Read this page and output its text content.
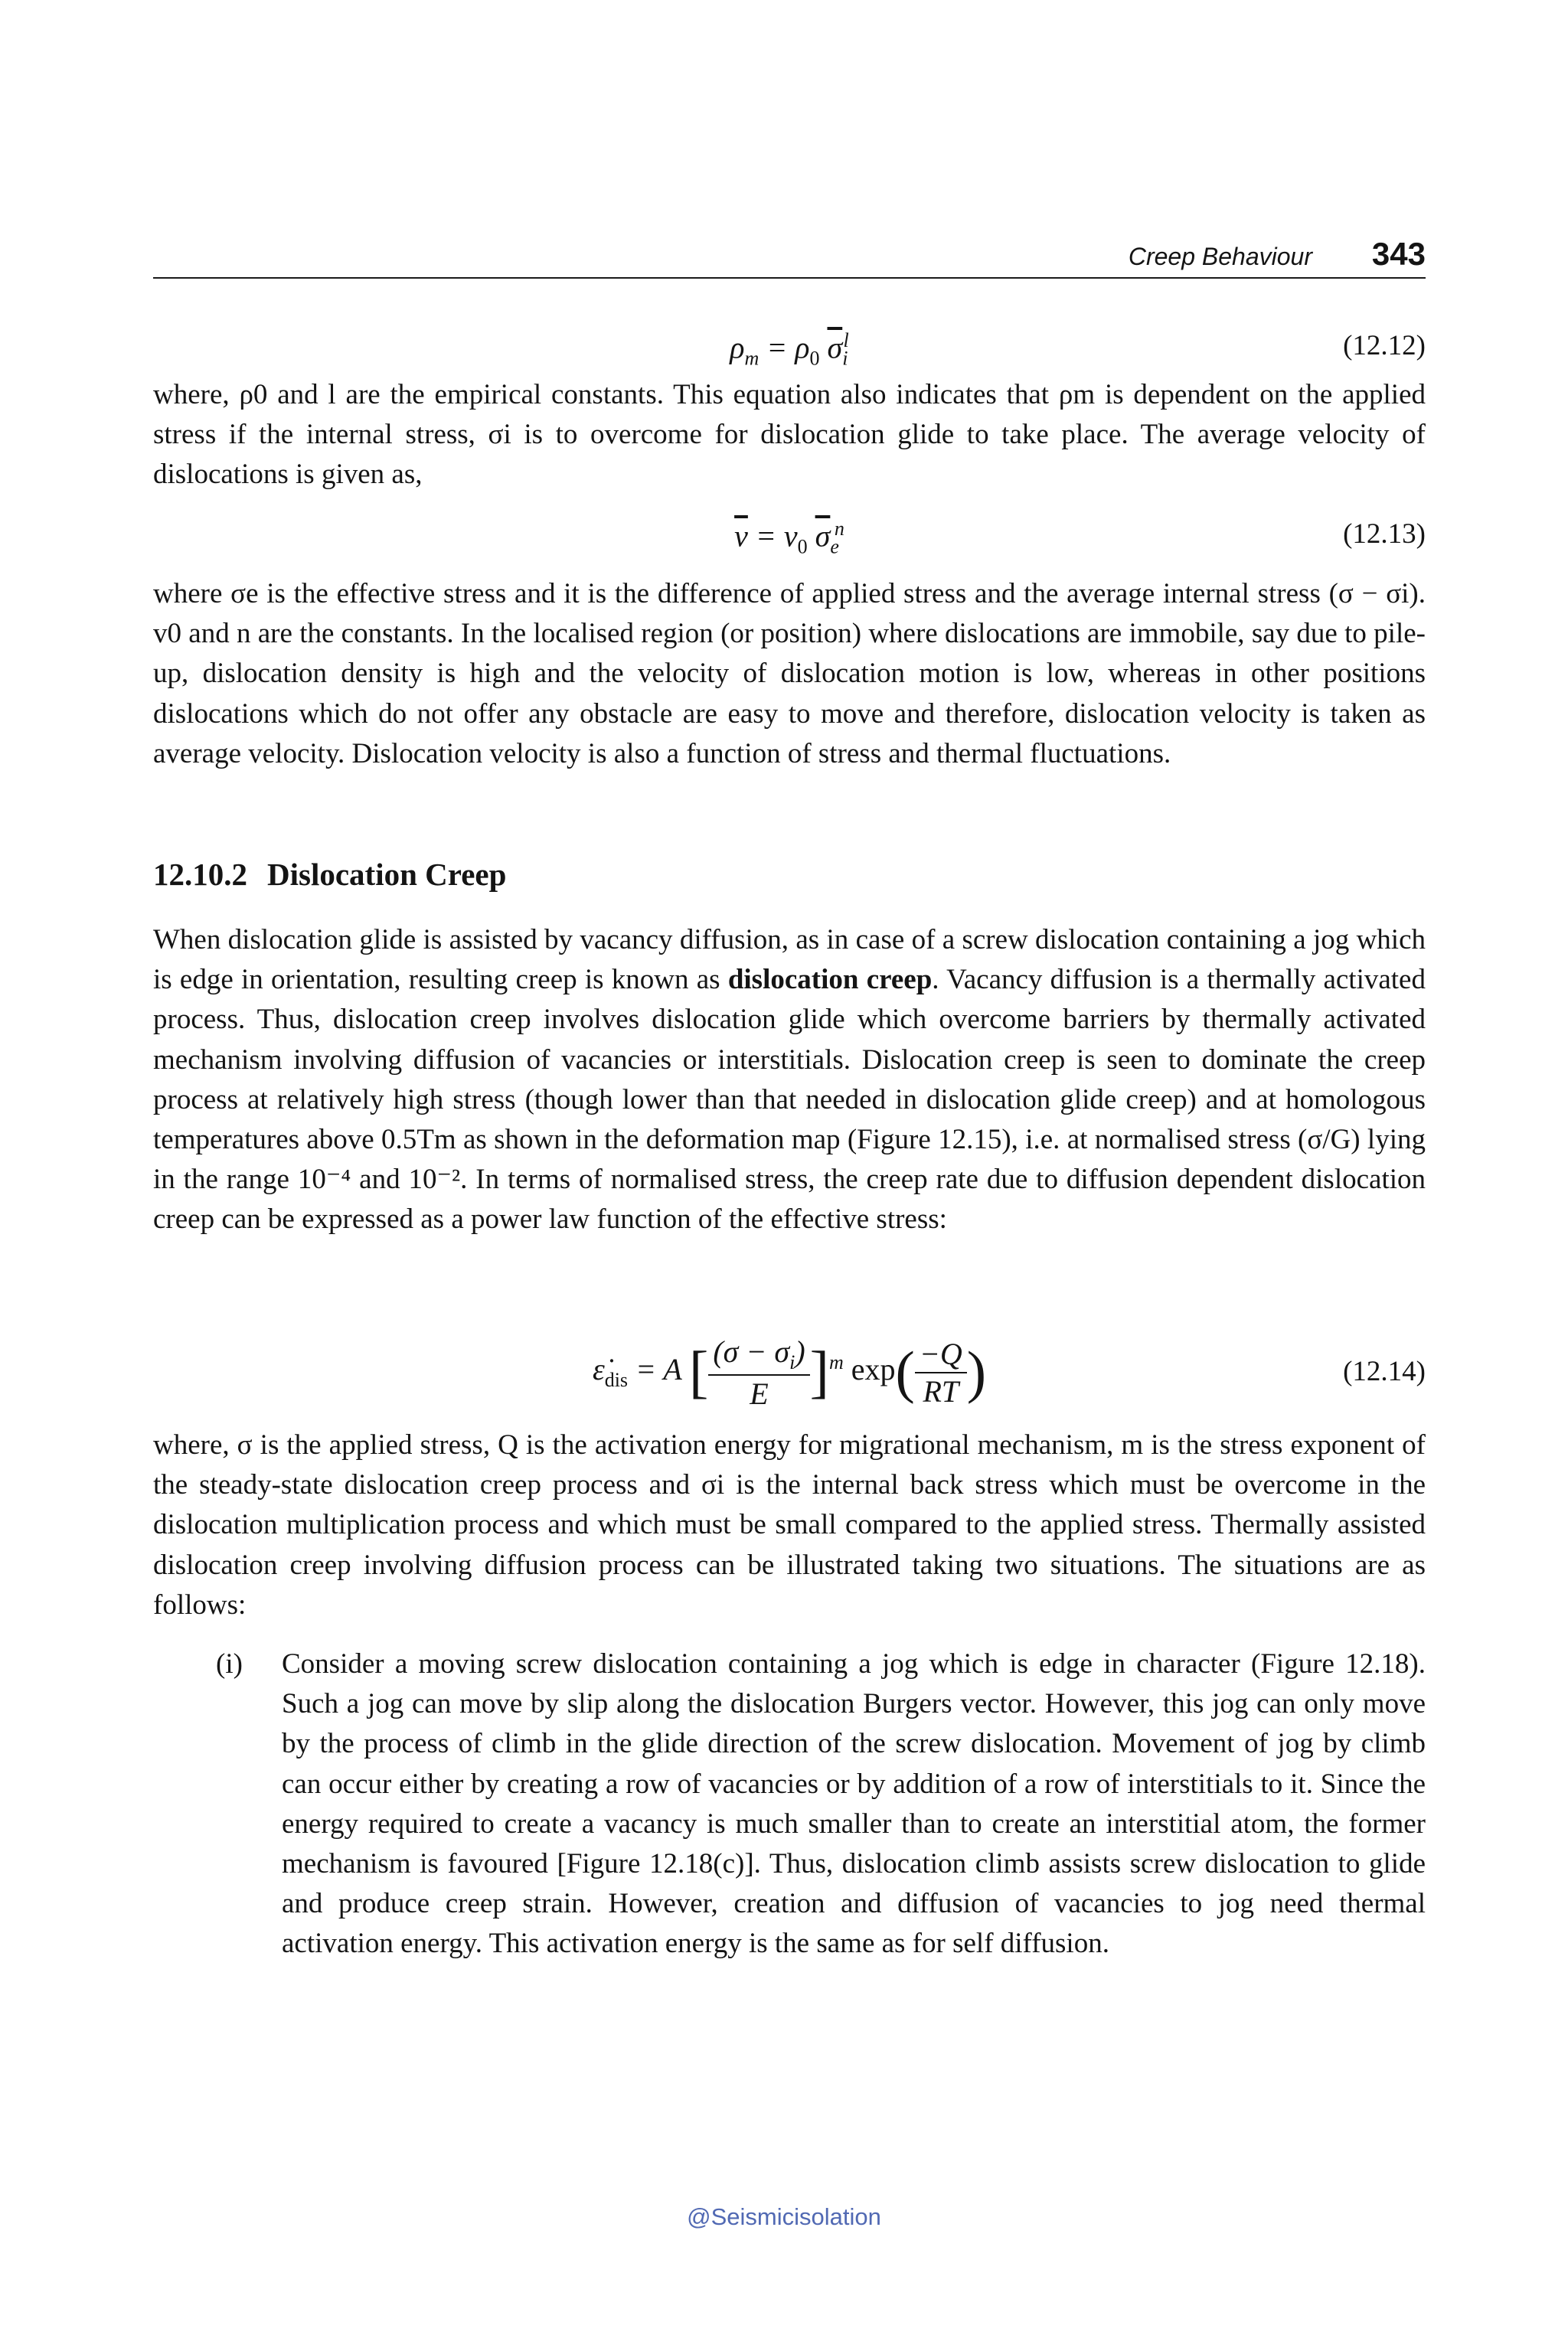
Creep Behaviour 343
$\rho_m = \rho_0$ $\overline{\sigma}_i^l$	(12.12)

where, ρ0 and l are the empirical constants. This equation also indicates that ρm is dependent on the applied stress if the internal stress, σi is to overcome for dislocation glide to take place. The average velocity of dislocations is given as,

$\overline{v} = v_0$ $\overline{\sigma}_e^n$	(12.13)

where σe is the effective stress and it is the difference of applied stress and the average internal stress (σ − σi). v0 and n are the constants. In the localised region (or position) where dislocations are immobile, say due to pile-up, dislocation density is high and the velocity of dislocation motion is low, whereas in other positions dislocations which do not offer any obstacle are easy to move and therefore, dislocation velocity is taken as average velocity. Dislocation velocity is also a function of stress and thermal fluctuations.

12.10.2 Dislocation Creep

When dislocation glide is assisted by vacancy diffusion, as in case of a screw dislocation containing a jog which is edge in orientation, resulting creep is known as dislocation creep. Vacancy diffusion is a thermally activated process. Thus, dislocation creep involves dislocation glide which overcome barriers by thermally activated mechanism involving diffusion of vacancies or interstitials. Dislocation creep is seen to dominate the creep process at relatively high stress (though lower than that needed in dislocation glide creep) and at homologous temperatures above 0.5Tm as shown in the deformation map (Figure 12.15), i.e. at normalised stress (σ/G) lying in the range 10⁻⁴ and 10⁻². In terms of normalised stress, the creep rate due to diffusion dependent dislocation creep can be expressed as a power law function of the effective stress:

$\varepsiloṅ_{dis} = A$ [ $\frac{(\sigma - \sigma_i)}{E} ]^m$ $\exp( \frac{-Q}{RT}$ )	(12.14)

where, σ is the applied stress, Q is the activation energy for migrational mechanism, m is the stress exponent of the steady-state dislocation creep process and σi is the internal back stress which must be overcome in the dislocation multiplication process and which must be small compared to the applied stress. Thermally assisted dislocation creep involving diffusion process can be illustrated taking two situations. The situations are as follows:

(i) Consider a moving screw dislocation containing a jog which is edge in character (Figure 12.18). Such a jog can move by slip along the dislocation Burgers vector. However, this jog can only move by the process of climb in the glide direction of the screw dislocation. Movement of jog by climb can occur either by creating a row of vacancies or by addition of a row of interstitials to it. Since the energy required to create a vacancy is much smaller than to create an interstitial atom, the former mechanism is favoured [Figure 12.18(c)]. Thus, dislocation climb assists screw dislocation to glide and produce creep strain. However, creation and diffusion of vacancies to jog need thermal activation energy. This activation energy is the same as for self diffusion.

@Seismicisolation
